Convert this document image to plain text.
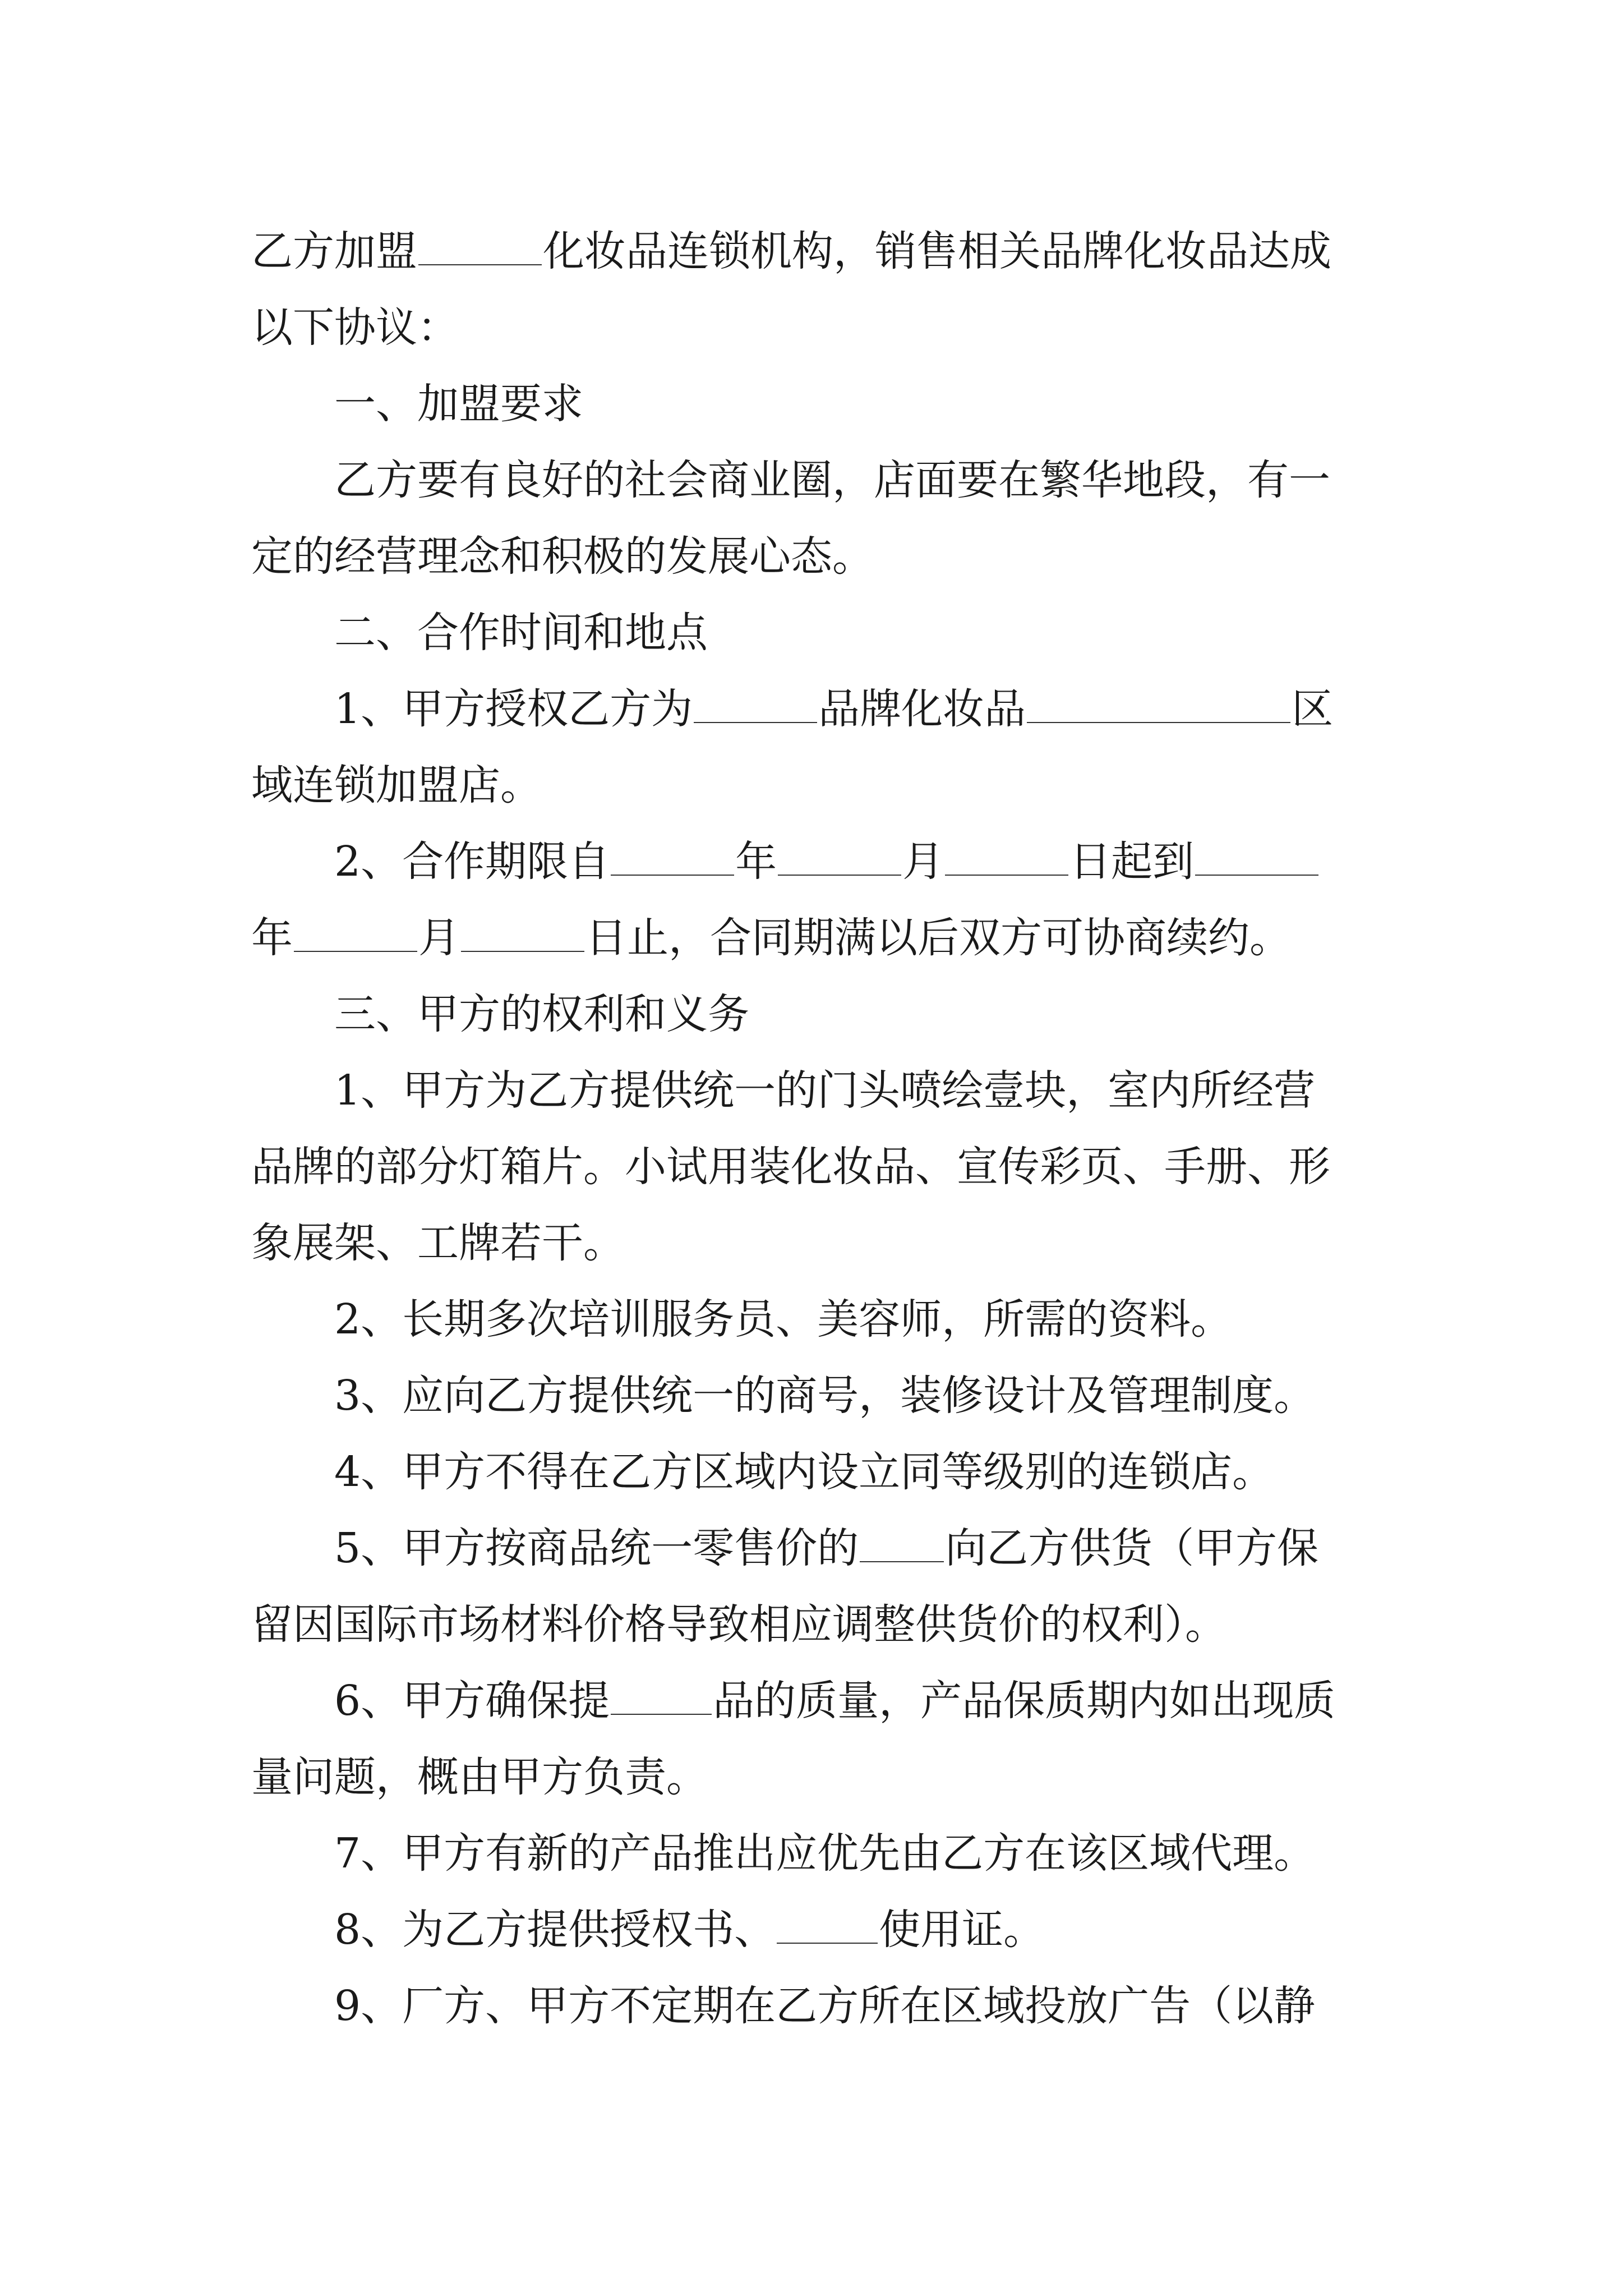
乙方加盟	化妆品连锁机构，销售相关品牌化妆品达成
以下协议：
一、加盟要求
乙方要有良好的社会商业圈，店面要在繁华地段，有一
定的经营理念和积极的发展心态。
二、合作时间和地点
1、甲方授权乙方为	品牌化妆品	区
域连锁加盟店。
2、合作期限自	年	月	日起到
年	月	日止，合同期满以后双方可协商续约。
三、甲方的权利和义务
1、甲方为乙方提供统一的门头喷绘壹块，室内所经营
品牌的部分灯箱片。小试用装化妆品、宣传彩页、手册、形
象展架、工牌若干。
2、长期多次培训服务员、美容师，所需的资料。
3、应向乙方提供统一的商号，装修设计及管理制度。
4、甲方不得在乙方区域内设立同等级别的连锁店。
5、甲方按商品统一零售价的 向乙方供货（甲方保
留因国际市场材料价格导致相应调整供货价的权利）。
6、甲方确保提 品的质量，产品保质期内如出现质
量问题，概由甲方负责。
7、甲方有新的产品推出应优先由乙方在该区域代理。
8、为乙方提供授权书、 使用证。
9、厂方、甲方不定期在乙方所在区域投放广告（以静
